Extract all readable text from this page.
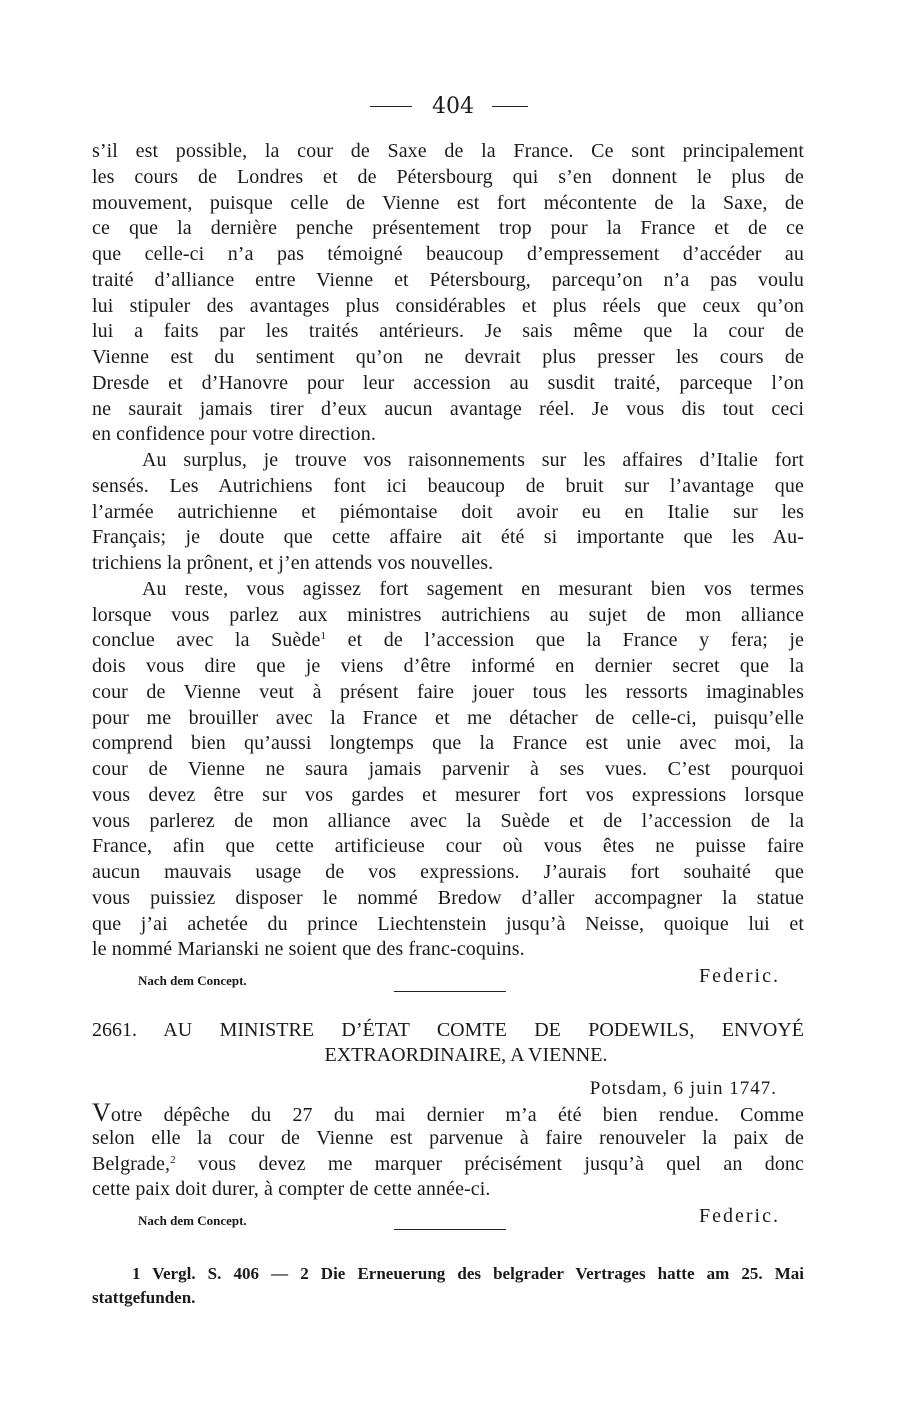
404
s’il est possible, la cour de Saxe de la France. Ce sont principalement
les cours de Londres et de Pétersbourg qui s’en donnent le plus de
mouvement, puisque celle de Vienne est fort mécontente de la Saxe, de
ce que la dernière penche présentement trop pour la France et de ce
que celle-ci n’a pas témoigné beaucoup d’empressement d’accéder au
traité d’alliance entre Vienne et Pétersbourg, parcequ’on n’a pas voulu
lui stipuler des avantages plus considérables et plus réels que ceux qu’on
lui a faits par les traités antérieurs. Je sais même que la cour de
Vienne est du sentiment qu’on ne devrait plus presser les cours de
Dresde et d’Hanovre pour leur accession au susdit traité, parceque l’on
ne saurait jamais tirer d’eux aucun avantage réel. Je vous dis tout ceci
en confidence pour votre direction.
Au surplus, je trouve vos raisonnements sur les affaires d’Italie fort
sensés. Les Autrichiens font ici beaucoup de bruit sur l’avantage que
l’armée autrichienne et piémontaise doit avoir eu en Italie sur les
Français; je doute que cette affaire ait été si importante que les Au-
trichiens la prônent, et j’en attends vos nouvelles.
Au reste, vous agissez fort sagement en mesurant bien vos termes
lorsque vous parlez aux ministres autrichiens au sujet de mon alliance
conclue avec la Suède$^1$ et de l’accession que la France y fera; je
dois vous dire que je viens d’être informé en dernier secret que la
cour de Vienne veut à présent faire jouer tous les ressorts imaginables
pour me brouiller avec la France et me détacher de celle-ci, puisqu’elle
comprend bien qu’aussi longtemps que la France est unie avec moi, la
cour de Vienne ne saura jamais parvenir à ses vues. C’est pourquoi
vous devez être sur vos gardes et mesurer fort vos expressions lorsque
vous parlerez de mon alliance avec la Suède et de l’accession de la
France, afin que cette artificieuse cour où vous êtes ne puisse faire
aucun mauvais usage de vos expressions. J’aurais fort souhaité que
vous puissiez disposer le nommé Bredow d’aller accompagner la statue
que j’ai achetée du prince Liechtenstein jusqu’à Neisse, quoique lui et
le nommé Marianski ne soient que des franc-coquins.
Nach dem Concept.	Federic.
2661. AU MINISTRE D’ÉTAT COMTE DE PODEWILS, ENVOYÉ
EXTRAORDINAIRE, A VIENNE.
Potsdam, 6 juin 1747.
Votre dépêche du 27 du mai dernier m’a été bien rendue. Comme
selon elle la cour de Vienne est parvenue à faire renouveler la paix de
Belgrade,$^2$ vous devez me marquer précisément jusqu’à quel an donc
cette paix doit durer, à compter de cette année-ci.
Nach dem Concept.	Federic.
1 Vergl. S. 406 — 2 Die Erneuerung des belgrader Vertrages hatte am 25. Mai
stattgefunden.
